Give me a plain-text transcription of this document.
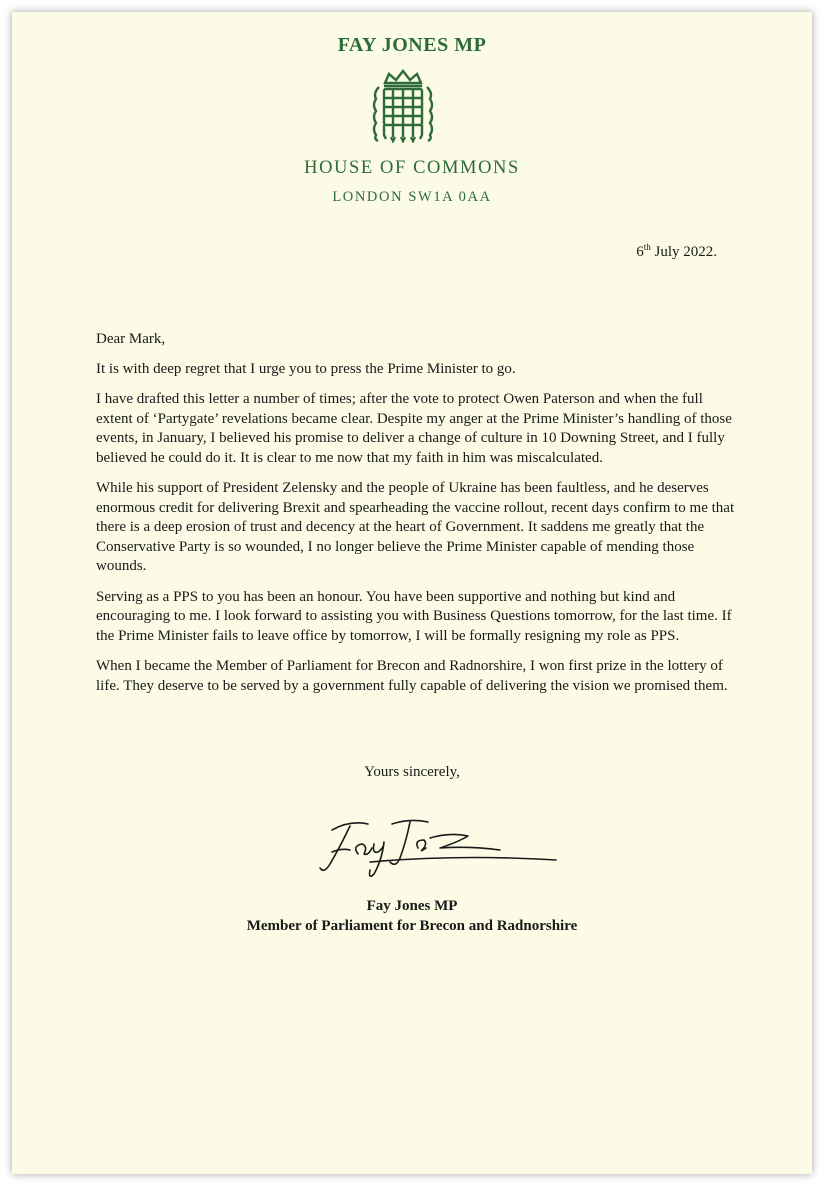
FAY JONES MP
HOUSE OF COMMONS
LONDON SW1A 0AA
6th July 2022.

Dear Mark,

It is with deep regret that I urge you to press the Prime Minister to go.

I have drafted this letter a number of times; after the vote to protect Owen Paterson and when the full extent of ‘Partygate’ revelations became clear. Despite my anger at the Prime Minister’s handling of those events, in January, I believed his promise to deliver a change of culture in 10 Downing Street, and I fully believed he could do it. It is clear to me now that my faith in him was miscalculated.

While his support of President Zelensky and the people of Ukraine has been faultless, and he deserves enormous credit for delivering Brexit and spearheading the vaccine rollout, recent days confirm to me that there is a deep erosion of trust and decency at the heart of Government. It saddens me greatly that the Conservative Party is so wounded, I no longer believe the Prime Minister capable of mending those wounds.

Serving as a PPS to you has been an honour. You have been supportive and nothing but kind and encouraging to me. I look forward to assisting you with Business Questions tomorrow, for the last time. If the Prime Minister fails to leave office by tomorrow, I will be formally resigning my role as PPS.

When I became the Member of Parliament for Brecon and Radnorshire, I won first prize in the lottery of life. They deserve to be served by a government fully capable of delivering the vision we promised them.

Yours sincerely,
Fay Jones MP
Member of Parliament for Brecon and Radnorshire
